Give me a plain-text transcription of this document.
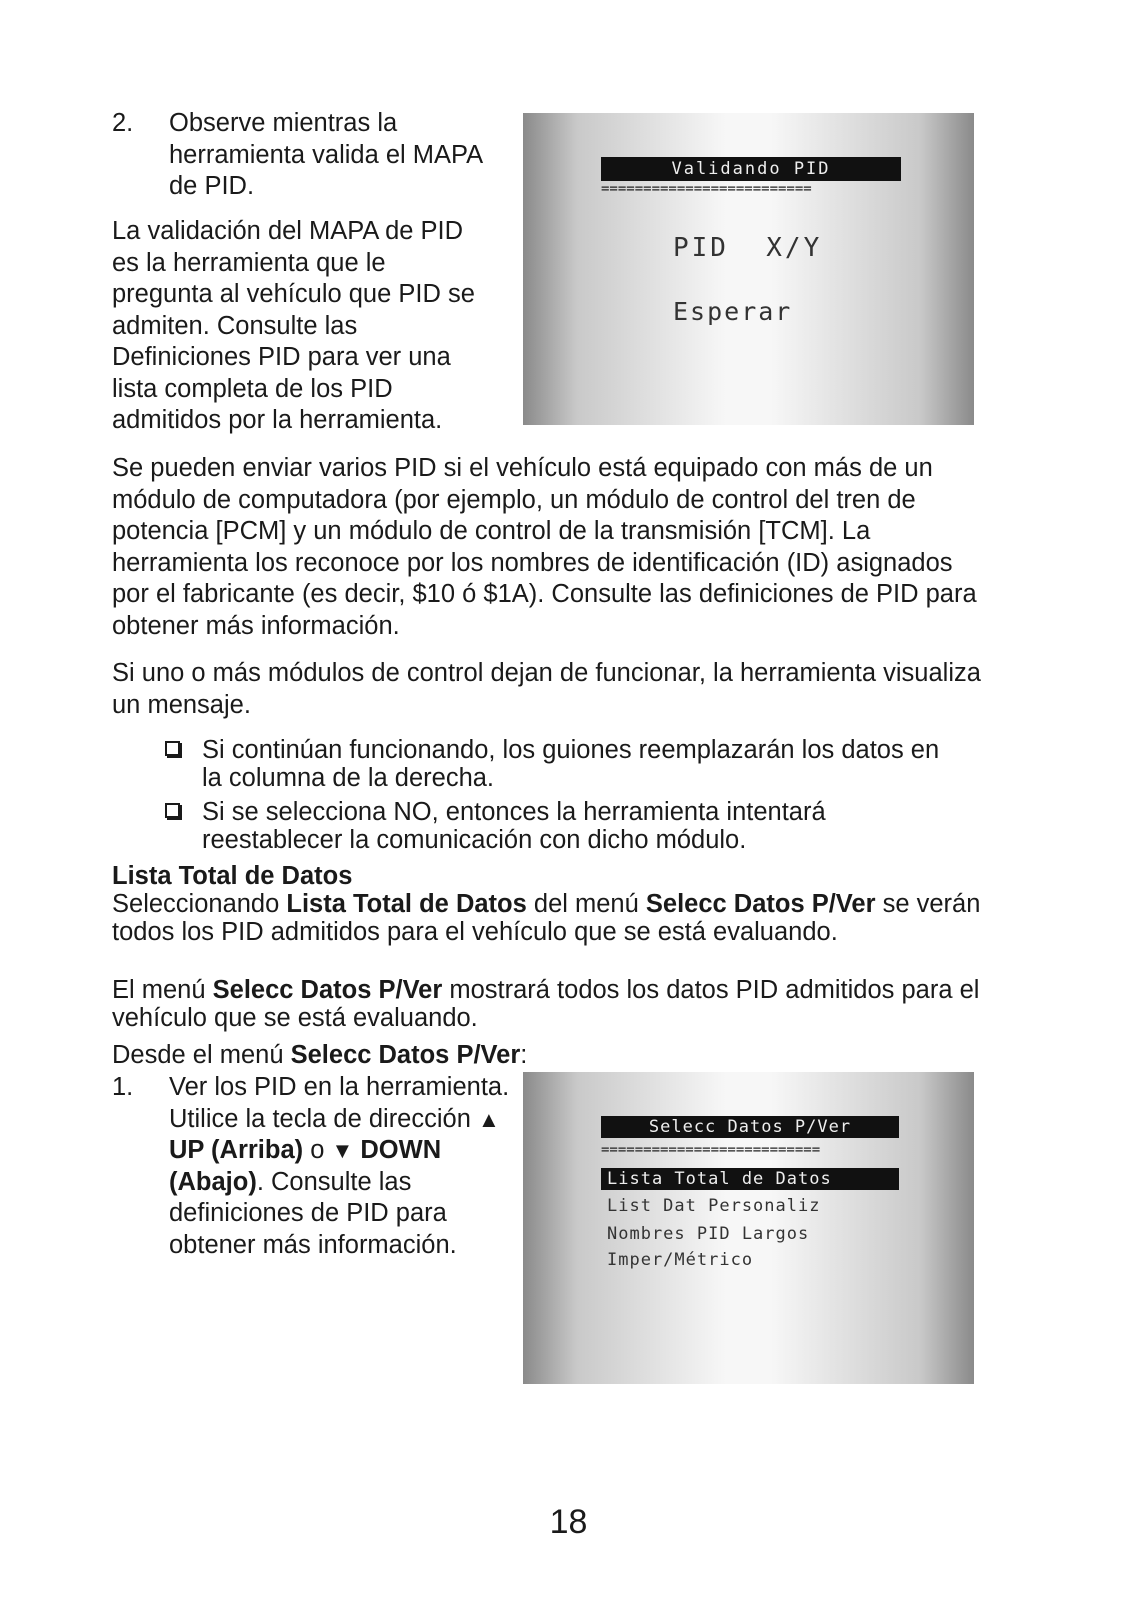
2. Observe mientras la herramienta valida el MAPA de PID.

La validación del MAPA de PID es la herramienta que le pregunta al vehículo que PID se admiten. Consulte las Definiciones PID para ver una lista completa de los PID admitidos por la herramienta.

Validando PID
=========================
PID  X/Y
Esperar

Se pueden enviar varios PID si el vehículo está equipado con más de un módulo de computadora (por ejemplo, un módulo de control del tren de potencia [PCM] y un módulo de control de la transmisión [TCM]. La herramienta los reconoce por los nombres de identificación (ID) asignados por el fabricante (es decir, $10 ó $1A). Consulte las definiciones de PID para obtener más información.

Si uno o más módulos de control dejan de funcionar, la herramienta visualiza un mensaje.

Si continúan funcionando, los guiones reemplazarán los datos en la columna de la derecha.
Si se selecciona NO, entonces la herramienta intentará reestablecer la comunicación con dicho módulo.
Lista Total de Datos

Seleccionando Lista Total de Datos del menú Selecc Datos P/Ver se verán todos los PID admitidos para el vehículo que se está evaluando.

El menú Selecc Datos P/Ver mostrará todos los datos PID admitidos para el vehículo que se está evaluando.

Desde el menú Selecc Datos P/Ver:

1. Ver los PID en la herramienta. Utilice la tecla de dirección ▲ UP (Arriba) o ▼ DOWN (Abajo). Consulte las definiciones de PID para obtener más información.
Selecc Datos P/Ver
==========================
Lista Total de Datos
List Dat Personaliz
Nombres PID Largos
Imper/Métrico
18
